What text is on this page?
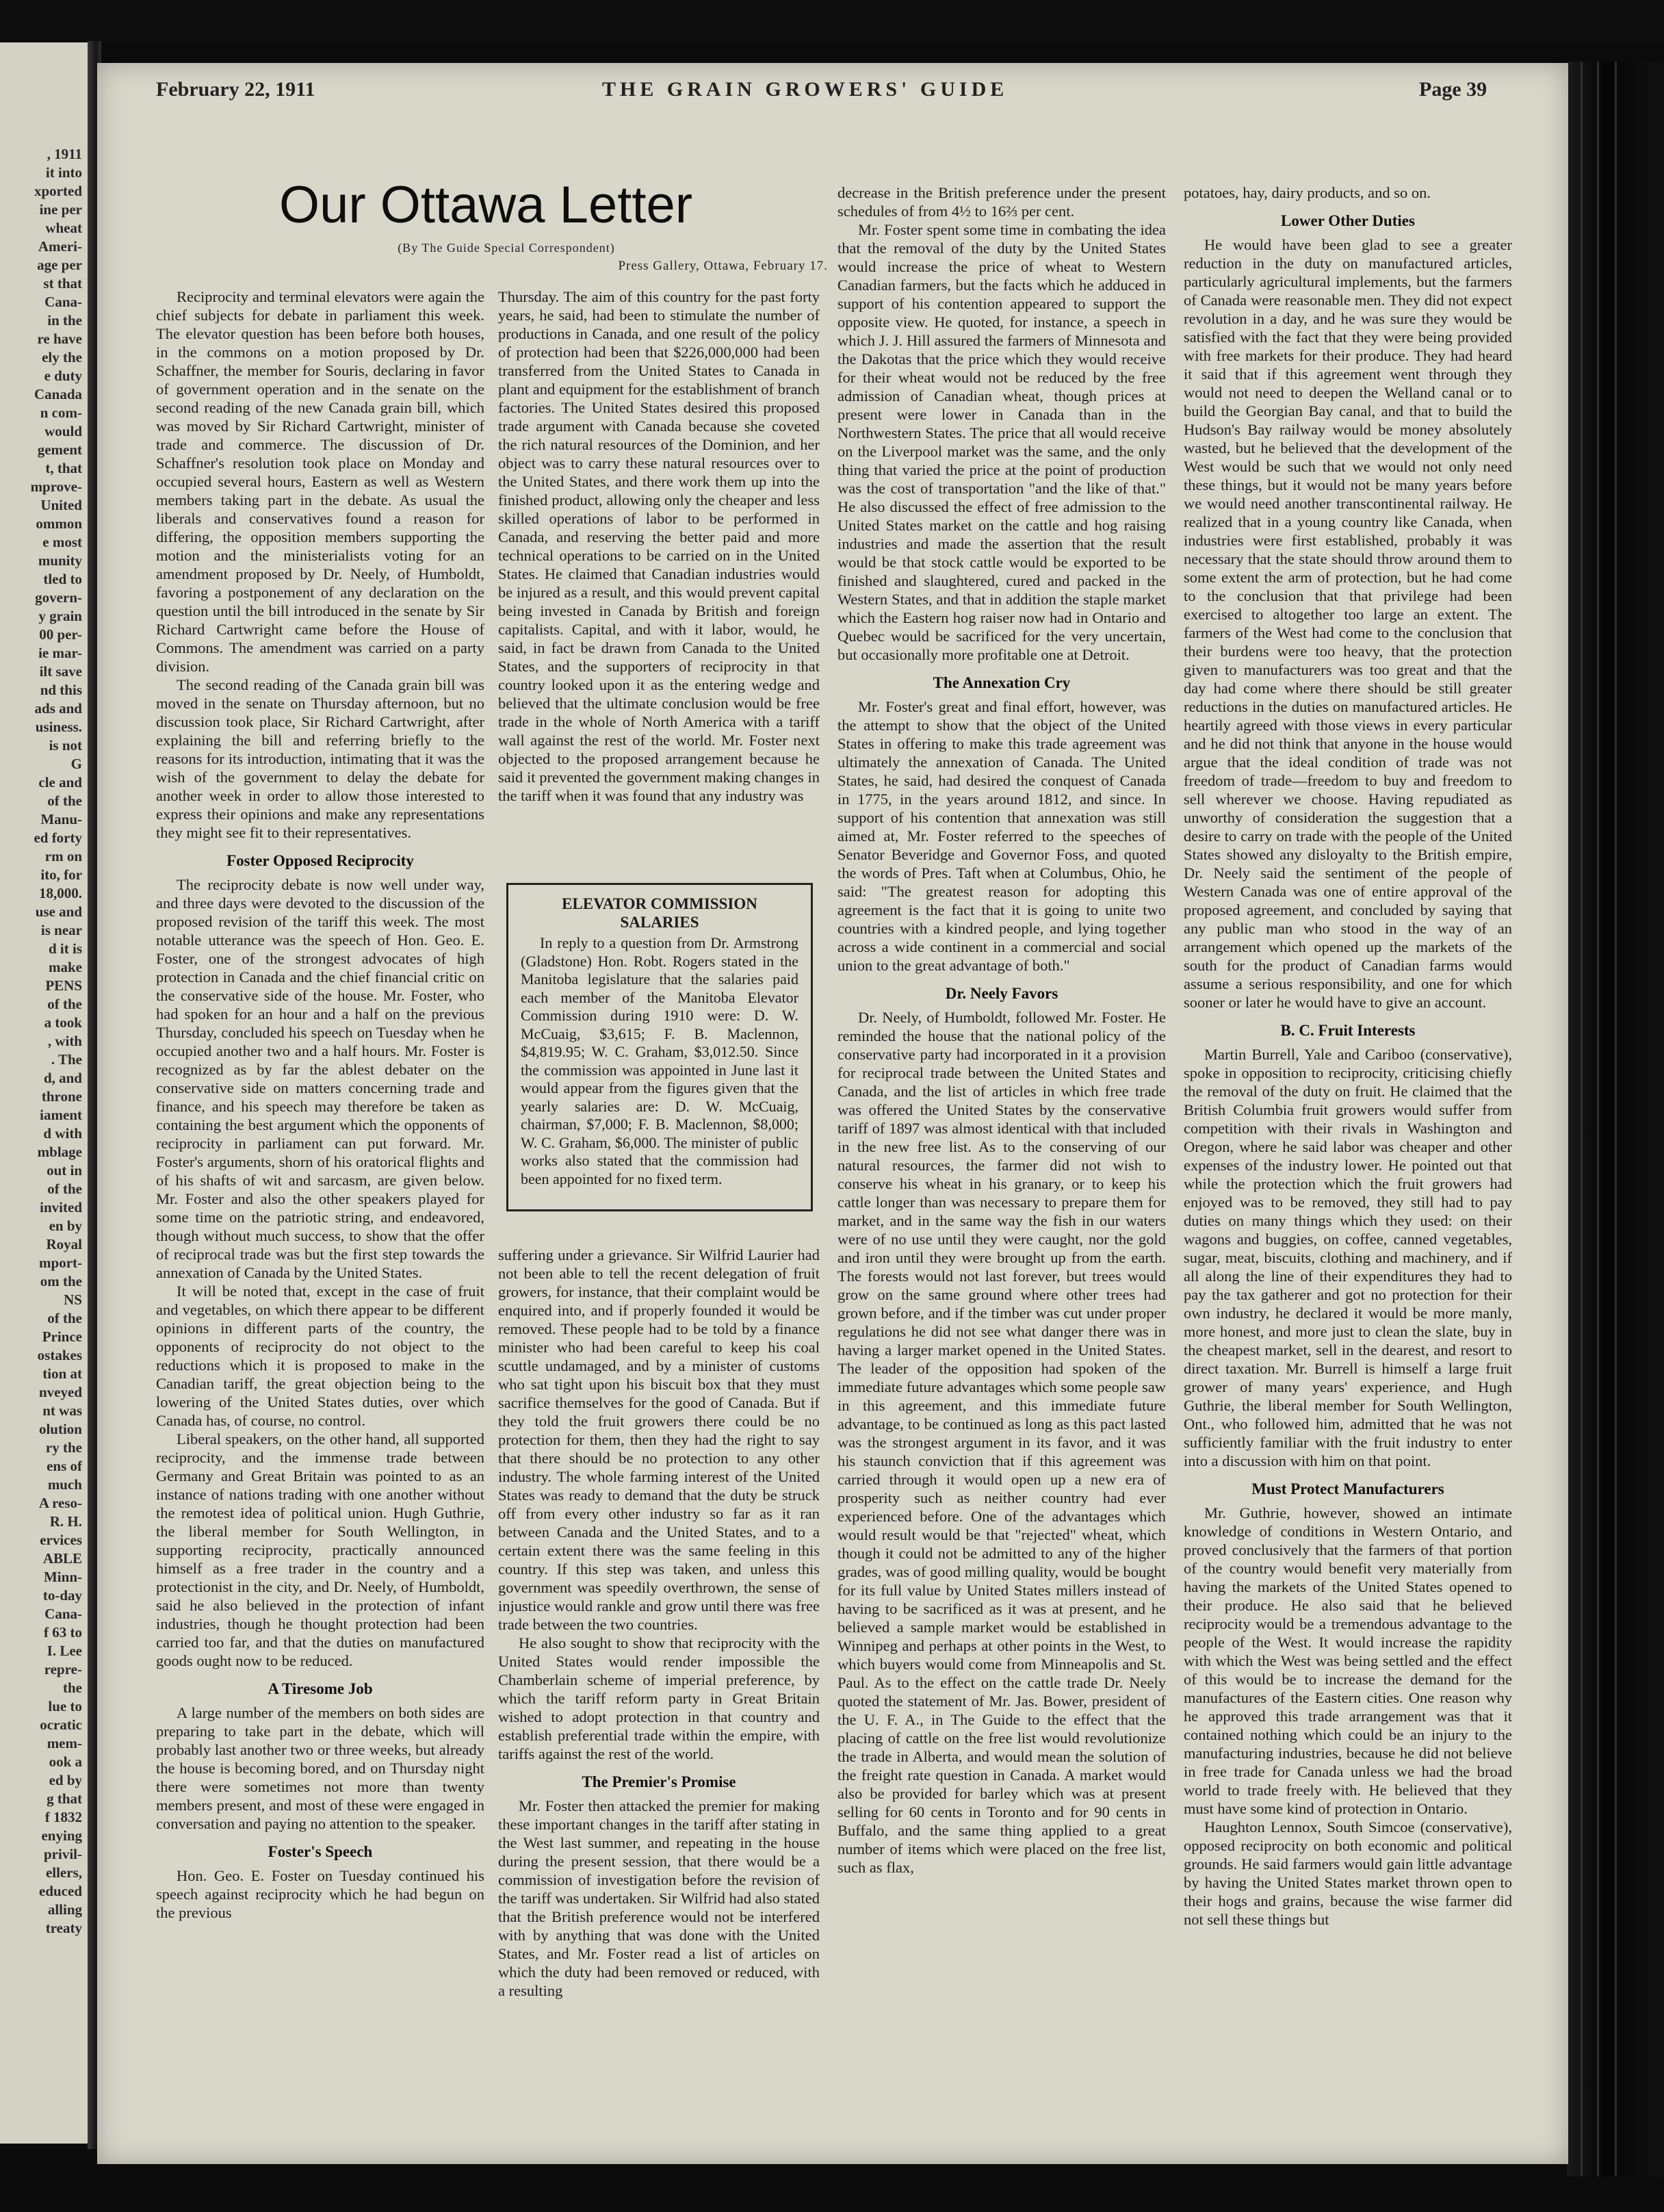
, 1911
it into
xported
ine per
wheat
Ameri-
age per
st that
Cana-
in the
re have
ely the
e duty
Canada
n com-
would
gement
t, that
mprove-
United
ommon
e most
munity
tled to
govern-
y grain
00 per-
ie mar-
ilt save
nd this
ads and
usiness.
is not
G
cle and
of the
Manu-
ed forty
rm on
ito, for
18,000.
use and
is near
d it is
make
PENS
of the
a took
, with
. The
d, and
throne
iament
d with
mblage
out in
of the
invited
en by
Royal
mport-
om the
NS
of the
Prince
ostakes
tion at
nveyed
nt was
olution
ry the
ens of
much
A reso-
R. H.
ervices
ABLE
Minn-
to-day
Cana-
f 63 to
I. Lee
repre-
the
lue to
ocratic
mem-
ook a
ed by
g that
f 1832
enying
privil-
ellers,
educed
alling
treaty
February 22, 1911	THE GRAIN GROWERS' GUIDE	Page 39
Our Ottawa Letter
(By The Guide Special Correspondent)
Press Gallery, Ottawa, February 17.

Reciprocity and terminal elevators were again the chief subjects for debate in parliament this week. The elevator question has been before both houses, in the commons on a motion proposed by Dr. Schaffner, the member for Souris, declaring in favor of government operation and in the senate on the second reading of the new Canada grain bill, which was moved by Sir Richard Cartwright, minister of trade and commerce. The discussion of Dr. Schaffner's resolution took place on Monday and occupied several hours, Eastern as well as Western members taking part in the debate. As usual the liberals and conservatives found a reason for differing, the opposition members supporting the motion and the ministerialists voting for an amendment proposed by Dr. Neely, of Humboldt, favoring a postponement of any declaration on the question until the bill introduced in the senate by Sir Richard Cartwright came before the House of Commons. The amendment was carried on a party division.

The second reading of the Canada grain bill was moved in the senate on Thursday afternoon, but no discussion took place, Sir Richard Cartwright, after explaining the bill and referring briefly to the reasons for its introduction, intimating that it was the wish of the government to delay the debate for another week in order to allow those interested to express their opinions and make any representations they might see fit to their representatives.

Foster Opposed Reciprocity

The reciprocity debate is now well under way, and three days were devoted to the discussion of the proposed revision of the tariff this week. The most notable utterance was the speech of Hon. Geo. E. Foster, one of the strongest advocates of high protection in Canada and the chief financial critic on the conservative side of the house. Mr. Foster, who had spoken for an hour and a half on the previous Thursday, concluded his speech on Tuesday when he occupied another two and a half hours. Mr. Foster is recognized as by far the ablest debater on the conservative side on matters concerning trade and finance, and his speech may therefore be taken as containing the best argument which the opponents of reciprocity in parliament can put forward. Mr. Foster's arguments, shorn of his oratorical flights and of his shafts of wit and sarcasm, are given below. Mr. Foster and also the other speakers played for some time on the patriotic string, and endeavored, though without much success, to show that the offer of reciprocal trade was but the first step towards the annexation of Canada by the United States.

It will be noted that, except in the case of fruit and vegetables, on which there appear to be different opinions in different parts of the country, the opponents of reciprocity do not object to the reductions which it is proposed to make in the Canadian tariff, the great objection being to the lowering of the United States duties, over which Canada has, of course, no control.

Liberal speakers, on the other hand, all supported reciprocity, and the immense trade between Germany and Great Britain was pointed to as an instance of nations trading with one another without the remotest idea of political union. Hugh Guthrie, the liberal member for South Wellington, in supporting reciprocity, practically announced himself as a free trader in the country and a protectionist in the city, and Dr. Neely, of Humboldt, said he also believed in the protection of infant industries, though he thought protection had been carried too far, and that the duties on manufactured goods ought now to be reduced.

A Tiresome Job

A large number of the members on both sides are preparing to take part in the debate, which will probably last another two or three weeks, but already the house is becoming bored, and on Thursday night there were sometimes not more than twenty members present, and most of these were engaged in conversation and paying no attention to the speaker.

Foster's Speech

Hon. Geo. E. Foster on Tuesday continued his speech against reciprocity which he had begun on the previous

Thursday. The aim of this country for the past forty years, he said, had been to stimulate the number of productions in Canada, and one result of the policy of protection had been that $226,000,000 had been transferred from the United States to Canada in plant and equipment for the establishment of branch factories. The United States desired this proposed trade argument with Canada because she coveted the rich natural resources of the Dominion, and her object was to carry these natural resources over to the United States, and there work them up into the finished product, allowing only the cheaper and less skilled operations of labor to be performed in Canada, and reserving the better paid and more technical operations to be carried on in the United States. He claimed that Canadian industries would be injured as a result, and this would prevent capital being invested in Canada by British and foreign capitalists. Capital, and with it labor, would, he said, in fact be drawn from Canada to the United States, and the supporters of reciprocity in that country looked upon it as the entering wedge and believed that the ultimate conclusion would be free trade in the whole of North America with a tariff wall against the rest of the world. Mr. Foster next objected to the proposed arrangement because he said it prevented the government making changes in the tariff when it was found that any industry was

ELEVATOR COMMISSION SALARIES

In reply to a question from Dr. Armstrong (Gladstone) Hon. Robt. Rogers stated in the Manitoba legislature that the salaries paid each member of the Manitoba Elevator Commission during 1910 were: D. W. McCuaig, $3,615; F. B. Maclennon, $4,819.95; W. C. Graham, $3,012.50. Since the commission was appointed in June last it would appear from the figures given that the yearly salaries are: D. W. McCuaig, chairman, $7,000; F. B. Maclennon, $8,000; W. C. Graham, $6,000. The minister of public works also stated that the commission had been appointed for no fixed term.

suffering under a grievance. Sir Wilfrid Laurier had not been able to tell the recent delegation of fruit growers, for instance, that their complaint would be enquired into, and if properly founded it would be removed. These people had to be told by a finance minister who had been careful to keep his coal scuttle undamaged, and by a minister of customs who sat tight upon his biscuit box that they must sacrifice themselves for the good of Canada. But if they told the fruit growers there could be no protection for them, then they had the right to say that there should be no protection to any other industry. The whole farming interest of the United States was ready to demand that the duty be struck off from every other industry so far as it ran between Canada and the United States, and to a certain extent there was the same feeling in this country. If this step was taken, and unless this government was speedily overthrown, the sense of injustice would rankle and grow until there was free trade between the two countries.

He also sought to show that reciprocity with the United States would render impossible the Chamberlain scheme of imperial preference, by which the tariff reform party in Great Britain wished to adopt protection in that country and establish preferential trade within the empire, with tariffs against the rest of the world.

The Premier's Promise

Mr. Foster then attacked the premier for making these important changes in the tariff after stating in the West last summer, and repeating in the house during the present session, that there would be a commission of investigation before the revision of the tariff was undertaken. Sir Wilfrid had also stated that the British preference would not be interfered with by anything that was done with the United States, and Mr. Foster read a list of articles on which the duty had been removed or reduced, with a resulting

decrease in the British preference under the present schedules of from 4½ to 16⅔ per cent.

Mr. Foster spent some time in combating the idea that the removal of the duty by the United States would increase the price of wheat to Western Canadian farmers, but the facts which he adduced in support of his contention appeared to support the opposite view. He quoted, for instance, a speech in which J. J. Hill assured the farmers of Minnesota and the Dakotas that the price which they would receive for their wheat would not be reduced by the free admission of Canadian wheat, though prices at present were lower in Canada than in the Northwestern States. The price that all would receive on the Liverpool market was the same, and the only thing that varied the price at the point of production was the cost of transportation "and the like of that." He also discussed the effect of free admission to the United States market on the cattle and hog raising industries and made the assertion that the result would be that stock cattle would be exported to be finished and slaughtered, cured and packed in the Western States, and that in addition the staple market which the Eastern hog raiser now had in Ontario and Quebec would be sacrificed for the very uncertain, but occasionally more profitable one at Detroit.

The Annexation Cry

Mr. Foster's great and final effort, however, was the attempt to show that the object of the United States in offering to make this trade agreement was ultimately the annexation of Canada. The United States, he said, had desired the conquest of Canada in 1775, in the years around 1812, and since. In support of his contention that annexation was still aimed at, Mr. Foster referred to the speeches of Senator Beveridge and Governor Foss, and quoted the words of Pres. Taft when at Columbus, Ohio, he said: "The greatest reason for adopting this agreement is the fact that it is going to unite two countries with a kindred people, and lying together across a wide continent in a commercial and social union to the great advantage of both."

Dr. Neely Favors

Dr. Neely, of Humboldt, followed Mr. Foster. He reminded the house that the national policy of the conservative party had incorporated in it a provision for reciprocal trade between the United States and Canada, and the list of articles in which free trade was offered the United States by the conservative tariff of 1897 was almost identical with that included in the new free list. As to the conserving of our natural resources, the farmer did not wish to conserve his wheat in his granary, or to keep his cattle longer than was necessary to prepare them for market, and in the same way the fish in our waters were of no use until they were caught, nor the gold and iron until they were brought up from the earth. The forests would not last forever, but trees would grow on the same ground where other trees had grown before, and if the timber was cut under proper regulations he did not see what danger there was in having a larger market opened in the United States. The leader of the opposition had spoken of the immediate future advantages which some people saw in this agreement, and this immediate future advantage, to be continued as long as this pact lasted was the strongest argument in its favor, and it was his staunch conviction that if this agreement was carried through it would open up a new era of prosperity such as neither country had ever experienced before. One of the advantages which would result would be that "rejected" wheat, which though it could not be admitted to any of the higher grades, was of good milling quality, would be bought for its full value by United States millers instead of having to be sacrificed as it was at present, and he believed a sample market would be established in Winnipeg and perhaps at other points in the West, to which buyers would come from Minneapolis and St. Paul. As to the effect on the cattle trade Dr. Neely quoted the statement of Mr. Jas. Bower, president of the U. F. A., in The Guide to the effect that the placing of cattle on the free list would revolutionize the trade in Alberta, and would mean the solution of the freight rate question in Canada. A market would also be provided for barley which was at present selling for 60 cents in Toronto and for 90 cents in Buffalo, and the same thing applied to a great number of items which were placed on the free list, such as flax,

potatoes, hay, dairy products, and so on.

Lower Other Duties

He would have been glad to see a greater reduction in the duty on manufactured articles, particularly agricultural implements, but the farmers of Canada were reasonable men. They did not expect revolution in a day, and he was sure they would be satisfied with the fact that they were being provided with free markets for their produce. They had heard it said that if this agreement went through they would not need to deepen the Welland canal or to build the Georgian Bay canal, and that to build the Hudson's Bay railway would be money absolutely wasted, but he believed that the development of the West would be such that we would not only need these things, but it would not be many years before we would need another transcontinental railway. He realized that in a young country like Canada, when industries were first established, probably it was necessary that the state should throw around them to some extent the arm of protection, but he had come to the conclusion that that privilege had been exercised to altogether too large an extent. The farmers of the West had come to the conclusion that their burdens were too heavy, that the protection given to manufacturers was too great and that the day had come where there should be still greater reductions in the duties on manufactured articles. He heartily agreed with those views in every particular and he did not think that anyone in the house would argue that the ideal condition of trade was not freedom of trade—freedom to buy and freedom to sell wherever we choose. Having repudiated as unworthy of consideration the suggestion that a desire to carry on trade with the people of the United States showed any disloyalty to the British empire, Dr. Neely said the sentiment of the people of Western Canada was one of entire approval of the proposed agreement, and concluded by saying that any public man who stood in the way of an arrangement which opened up the markets of the south for the product of Canadian farms would assume a serious responsibility, and one for which sooner or later he would have to give an account.

B. C. Fruit Interests

Martin Burrell, Yale and Cariboo (conservative), spoke in opposition to reciprocity, criticising chiefly the removal of the duty on fruit. He claimed that the British Columbia fruit growers would suffer from competition with their rivals in Washington and Oregon, where he said labor was cheaper and other expenses of the industry lower. He pointed out that while the protection which the fruit growers had enjoyed was to be removed, they still had to pay duties on many things which they used: on their wagons and buggies, on coffee, canned vegetables, sugar, meat, biscuits, clothing and machinery, and if all along the line of their expenditures they had to pay the tax gatherer and got no protection for their own industry, he declared it would be more manly, more honest, and more just to clean the slate, buy in the cheapest market, sell in the dearest, and resort to direct taxation. Mr. Burrell is himself a large fruit grower of many years' experience, and Hugh Guthrie, the liberal member for South Wellington, Ont., who followed him, admitted that he was not sufficiently familiar with the fruit industry to enter into a discussion with him on that point.

Must Protect Manufacturers

Mr. Guthrie, however, showed an intimate knowledge of conditions in Western Ontario, and proved conclusively that the farmers of that portion of the country would benefit very materially from having the markets of the United States opened to their produce. He also said that he believed reciprocity would be a tremendous advantage to the people of the West. It would increase the rapidity with which the West was being settled and the effect of this would be to increase the demand for the manufactures of the Eastern cities. One reason why he approved this trade arrangement was that it contained nothing which could be an injury to the manufacturing industries, because he did not believe in free trade for Canada unless we had the broad world to trade freely with. He believed that they must have some kind of protection in Ontario.

Haughton Lennox, South Simcoe (conservative), opposed reciprocity on both economic and political grounds. He said farmers would gain little advantage by having the United States market thrown open to their hogs and grains, because the wise farmer did not sell these things but
